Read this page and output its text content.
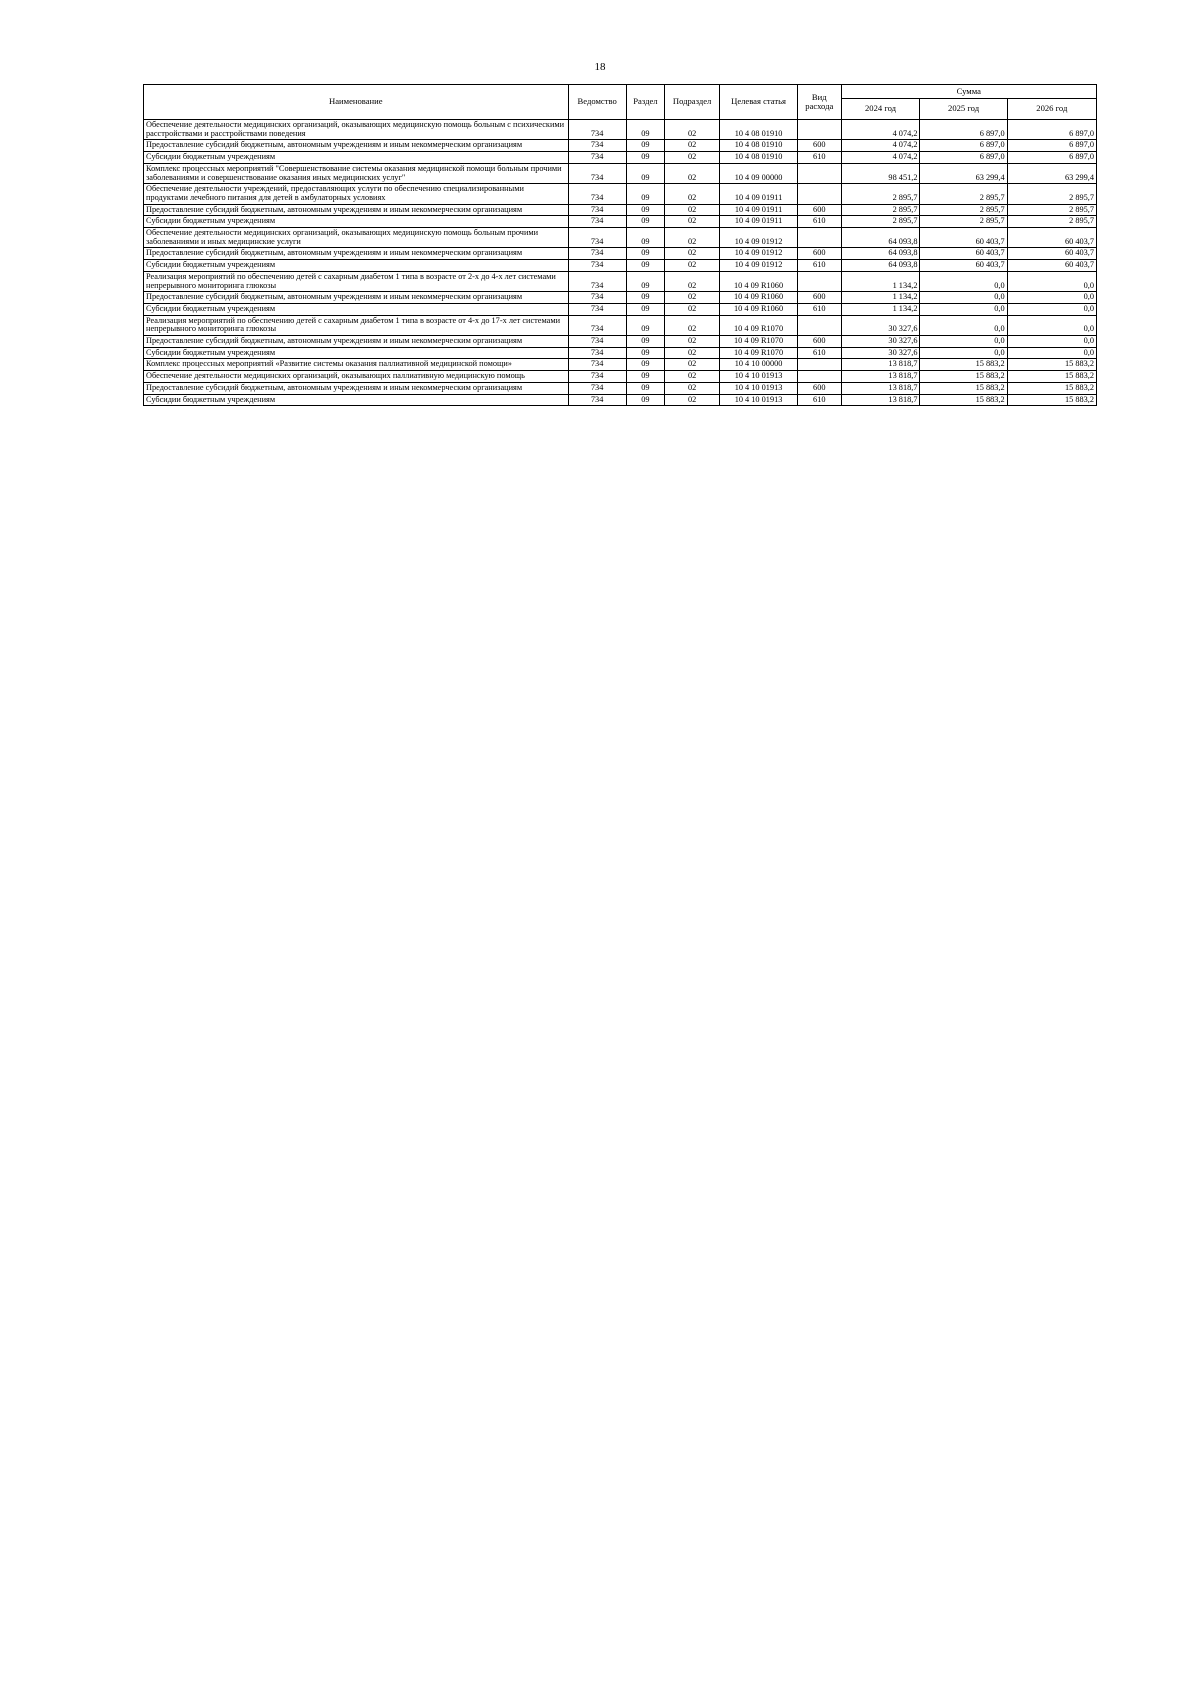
18
Наименование	Ведомство	Раздел	Подраздел	Целевая статья	Вид расхода	Сумма		
						2024 год	2025 год	2026 год
Обеспечение деятельности медицинских организаций, оказывающих медицинскую помощь больным с психическими расстройствами и расстройствами поведения	734	09	02	10 4 08 01910		4 074,2	6 897,0	6 897,0
Предоставление субсидий бюджетным, автономным учреждениям и иным некоммерческим организациям	734	09	02	10 4 08 01910	600	4 074,2	6 897,0	6 897,0
Субсидии бюджетным учреждениям	734	09	02	10 4 08 01910	610	4 074,2	6 897,0	6 897,0
Комплекс процессных мероприятий "Совершенствование системы оказания медицинской помощи больным прочими заболеваниями и совершенствование оказания иных медицинских услуг"	734	09	02	10 4 09 00000		98 451,2	63 299,4	63 299,4
Обеспечение деятельности учреждений, предоставляющих услуги по обеспечению специализированными продуктами лечебного питания для детей в амбулаторных условиях	734	09	02	10 4 09 01911		2 895,7	2 895,7	2 895,7
Предоставление субсидий бюджетным, автономным учреждениям и иным некоммерческим организациям	734	09	02	10 4 09 01911	600	2 895,7	2 895,7	2 895,7
Субсидии бюджетным учреждениям	734	09	02	10 4 09 01911	610	2 895,7	2 895,7	2 895,7
Обеспечение деятельности медицинских организаций, оказывающих медицинскую помощь больным прочими заболеваниями и иных медицинские услуги	734	09	02	10 4 09 01912		64 093,8	60 403,7	60 403,7
Предоставление субсидий бюджетным, автономным учреждениям и иным некоммерческим организациям	734	09	02	10 4 09 01912	600	64 093,8	60 403,7	60 403,7
Субсидии бюджетным учреждениям	734	09	02	10 4 09 01912	610	64 093,8	60 403,7	60 403,7
Реализация мероприятий по обеспечению детей с сахарным диабетом 1 типа в возрасте от 2-х до 4-х лет системами непрерывного мониторинга глюкозы	734	09	02	10 4 09 R1060		1 134,2	0,0	0,0
Предоставление субсидий бюджетным, автономным учреждениям и иным некоммерческим организациям	734	09	02	10 4 09 R1060	600	1 134,2	0,0	0,0
Субсидии бюджетным учреждениям	734	09	02	10 4 09 R1060	610	1 134,2	0,0	0,0
Реализация мероприятий по обеспечению детей с сахарным диабетом 1 типа в возрасте от 4-х до 17-х лет системами непрерывного мониторинга глюкозы	734	09	02	10 4 09 R1070		30 327,6	0,0	0,0
Предоставление субсидий бюджетным, автономным учреждениям и иным некоммерческим организациям	734	09	02	10 4 09 R1070	600	30 327,6	0,0	0,0
Субсидии бюджетным учреждениям	734	09	02	10 4 09 R1070	610	30 327,6	0,0	0,0
Комплекс процессных мероприятий «Развитие системы оказания паллиативной медицинской помощи»	734	09	02	10 4 10 00000		13 818,7	15 883,2	15 883,2
Обеспечение деятельности медицинских организаций, оказывающих паллиативную медицинскую помощь	734	09	02	10 4 10 01913		13 818,7	15 883,2	15 883,2
Предоставление субсидий бюджетным, автономным учреждениям и иным некоммерческим организациям	734	09	02	10 4 10 01913	600	13 818,7	15 883,2	15 883,2
Субсидии бюджетным учреждениям	734	09	02	10 4 10 01913	610	13 818,7	15 883,2	15 883,2
